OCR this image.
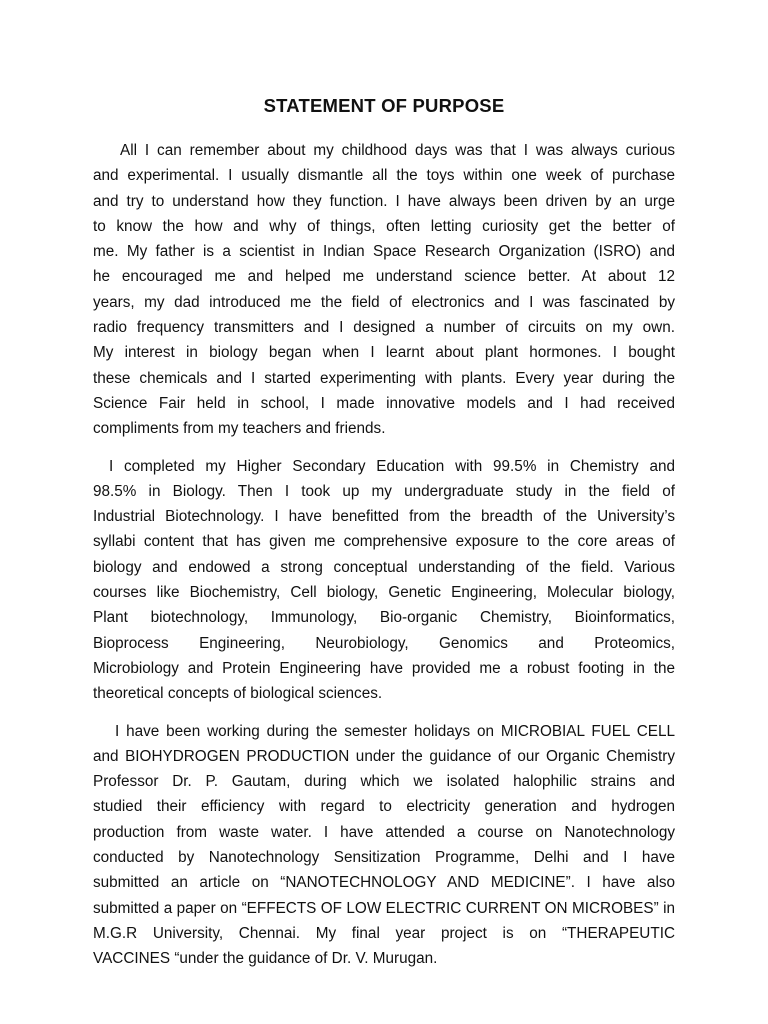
STATEMENT OF PURPOSE
All I can remember about my childhood days was that I was always curious
and experimental. I usually dismantle all the toys within one week of purchase
and try to understand how they function. I have always been driven by an urge
to know the how and why of things, often letting curiosity get the better of
me. My father is a scientist in Indian Space Research Organization (ISRO) and
he encouraged me and helped me understand science better. At about 12
years, my dad introduced me the field of electronics and I was fascinated by
radio frequency transmitters and I designed a number of circuits on my own.
My interest in biology began when I learnt about plant hormones. I bought
these chemicals and I started experimenting with plants. Every year during the
Science Fair held in school, I made innovative models and I had received
compliments from my teachers and friends.
I completed my Higher Secondary Education with 99.5% in Chemistry and
98.5% in Biology. Then I took up my undergraduate study in the field of
Industrial Biotechnology. I have benefitted from the breadth of the University’s
syllabi content that has given me comprehensive exposure to the core areas of
biology and endowed a strong conceptual understanding of the field. Various
courses like Biochemistry, Cell biology, Genetic Engineering, Molecular biology,
Plant biotechnology, Immunology, Bio-organic Chemistry, Bioinformatics,
Bioprocess Engineering, Neurobiology, Genomics and Proteomics,
Microbiology and Protein Engineering have provided me a robust footing in the
theoretical concepts of biological sciences.
I have been working during the semester holidays on MICROBIAL FUEL CELL
and BIOHYDROGEN PRODUCTION under the guidance of our Organic Chemistry
Professor Dr. P. Gautam, during which we isolated halophilic strains and
studied their efficiency with regard to electricity generation and hydrogen
production from waste water. I have attended a course on Nanotechnology
conducted by Nanotechnology Sensitization Programme, Delhi and I have
submitted an article on “NANOTECHNOLOGY AND MEDICINE”. I have also
submitted a paper on “EFFECTS OF LOW ELECTRIC CURRENT ON MICROBES” in
M.G.R University, Chennai. My final year project is on “THERAPEUTIC
VACCINES “under the guidance of Dr. V. Murugan.
